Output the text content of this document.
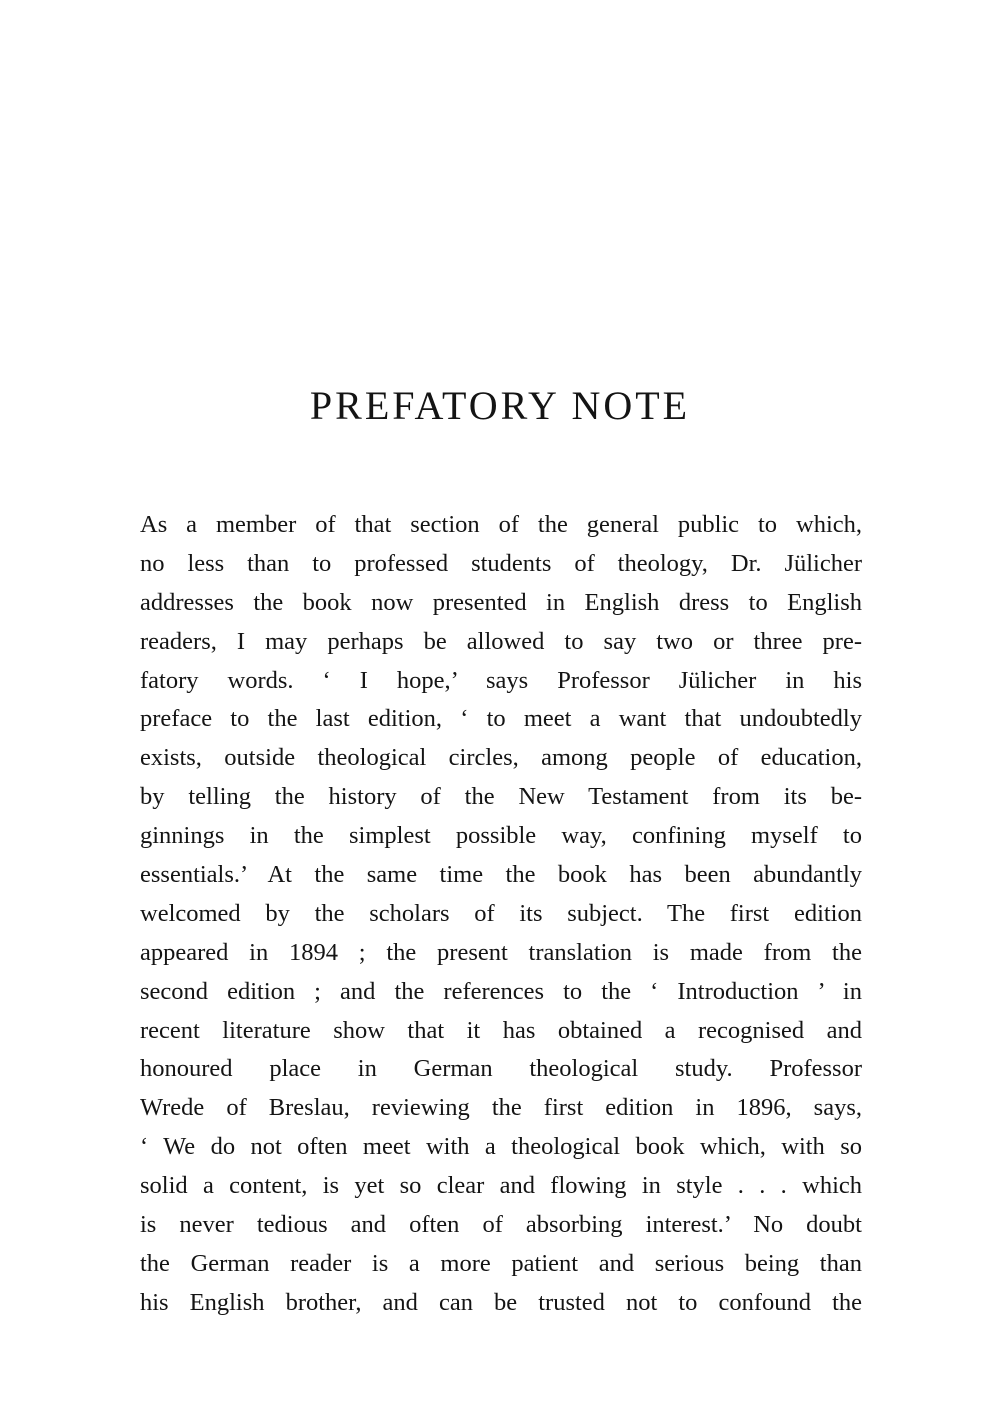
PREFATORY NOTE
As a member of that section of the general public to which,
no less than to professed students of theology, Dr. Jülicher
addresses the book now presented in English dress to English
readers, I may perhaps be allowed to say two or three pre-
fatory words. ‘ I hope,’ says Professor Jülicher in his
preface to the last edition, ‘ to meet a want that undoubtedly
exists, outside theological circles, among people of education,
by telling the history of the New Testament from its be-
ginnings in the simplest possible way, confining myself to
essentials.’ At the same time the book has been abundantly
welcomed by the scholars of its subject. The first edition
appeared in 1894 ; the present translation is made from the
second edition ; and the references to the ‘ Introduction ’ in
recent literature show that it has obtained a recognised and
honoured place in German theological study. Professor
Wrede of Breslau, reviewing the first edition in 1896, says,
‘ We do not often meet with a theological book which, with so
solid a content, is yet so clear and flowing in style . . . which
is never tedious and often of absorbing interest.’ No doubt
the German reader is a more patient and serious being than
his English brother, and can be trusted not to confound the
